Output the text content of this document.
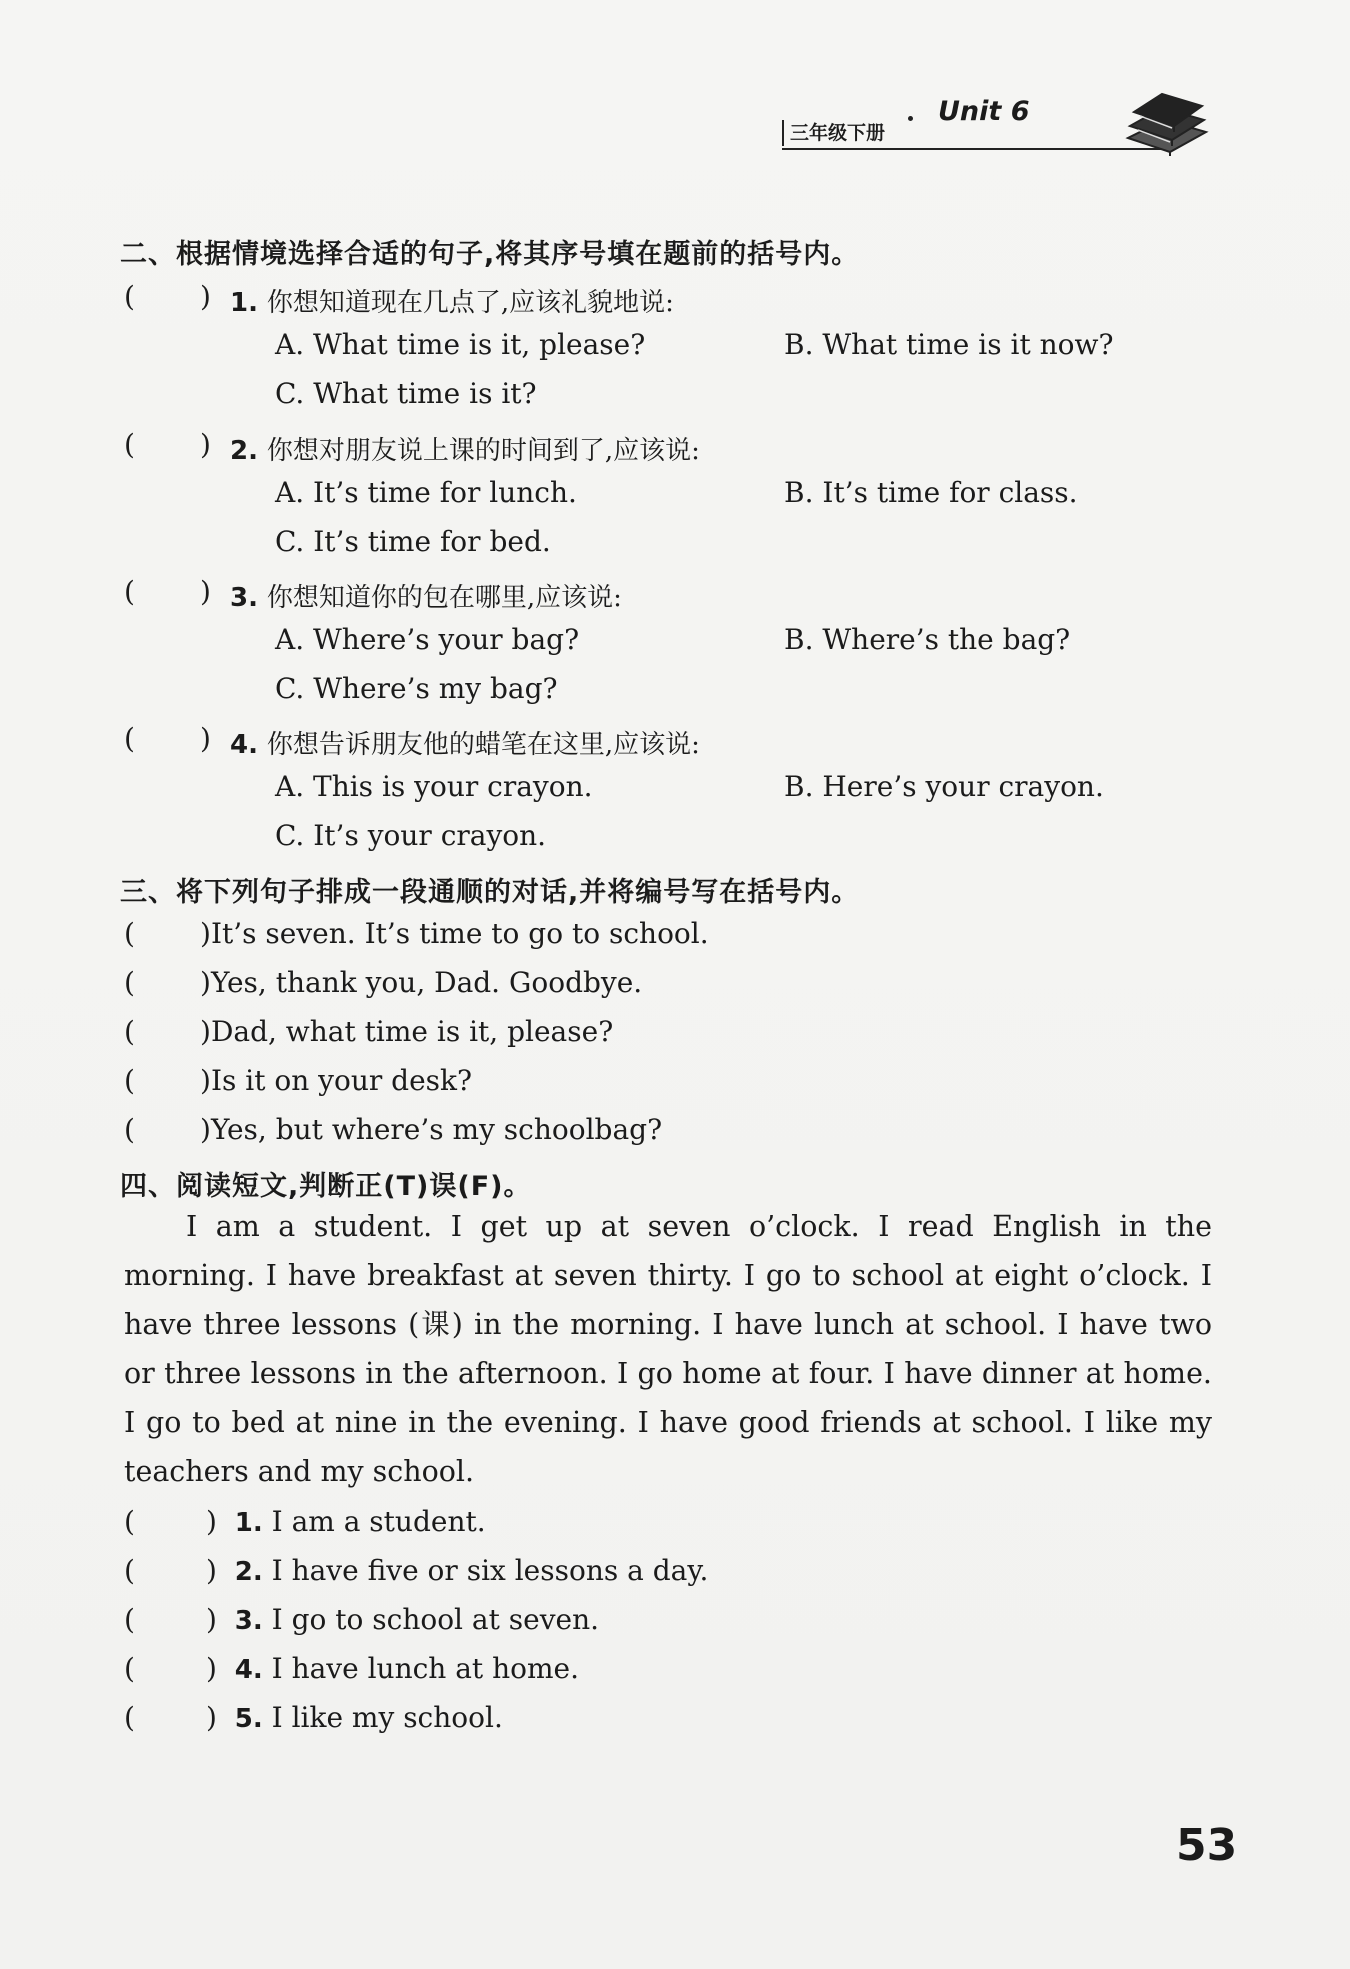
三年级下册
Unit 6
二、根据情境选择合适的句子,将其序号填在题前的括号内。
( ) 1. 你想知道现在几点了,应该礼貌地说:
A. What time is it, please?	B. What time is it now?
C. What time is it?
( ) 2. 你想对朋友说上课的时间到了,应该说:
A. It’s time for lunch.	B. It’s time for class.
C. It’s time for bed.
( ) 3. 你想知道你的包在哪里,应该说:
A. Where’s your bag?	B. Where’s the bag?
C. Where’s my bag?
( ) 4. 你想告诉朋友他的蜡笔在这里,应该说:
A. This is your crayon.	B. Here’s your crayon.
C. It’s your crayon.
三、将下列句子排成一段通顺的对话,并将编号写在括号内。
( )It’s seven. It’s time to go to school.
( )Yes, thank you, Dad. Goodbye.
( )Dad, what time is it, please?
( )Is it on your desk?
( )Yes, but where’s my schoolbag?
四、阅读短文,判断正(T)误(F)。
I am a student. I get up at seven o’clock. I read English in the morning. I have breakfast at seven thirty. I go to school at eight o’clock. I have three lessons (课) in the morning. I have lunch at school. I have two or three lessons in the afternoon. I go home at four. I have dinner at home. I go to bed at nine in the evening. I have good friends at school. I like my teachers and my school.
(	)  1. I am a student.
(	)  2. I have five or six lessons a day.
(	)  3. I go to school at seven.
(	)  4. I have lunch at home.
(	)  5. I like my school.
53
